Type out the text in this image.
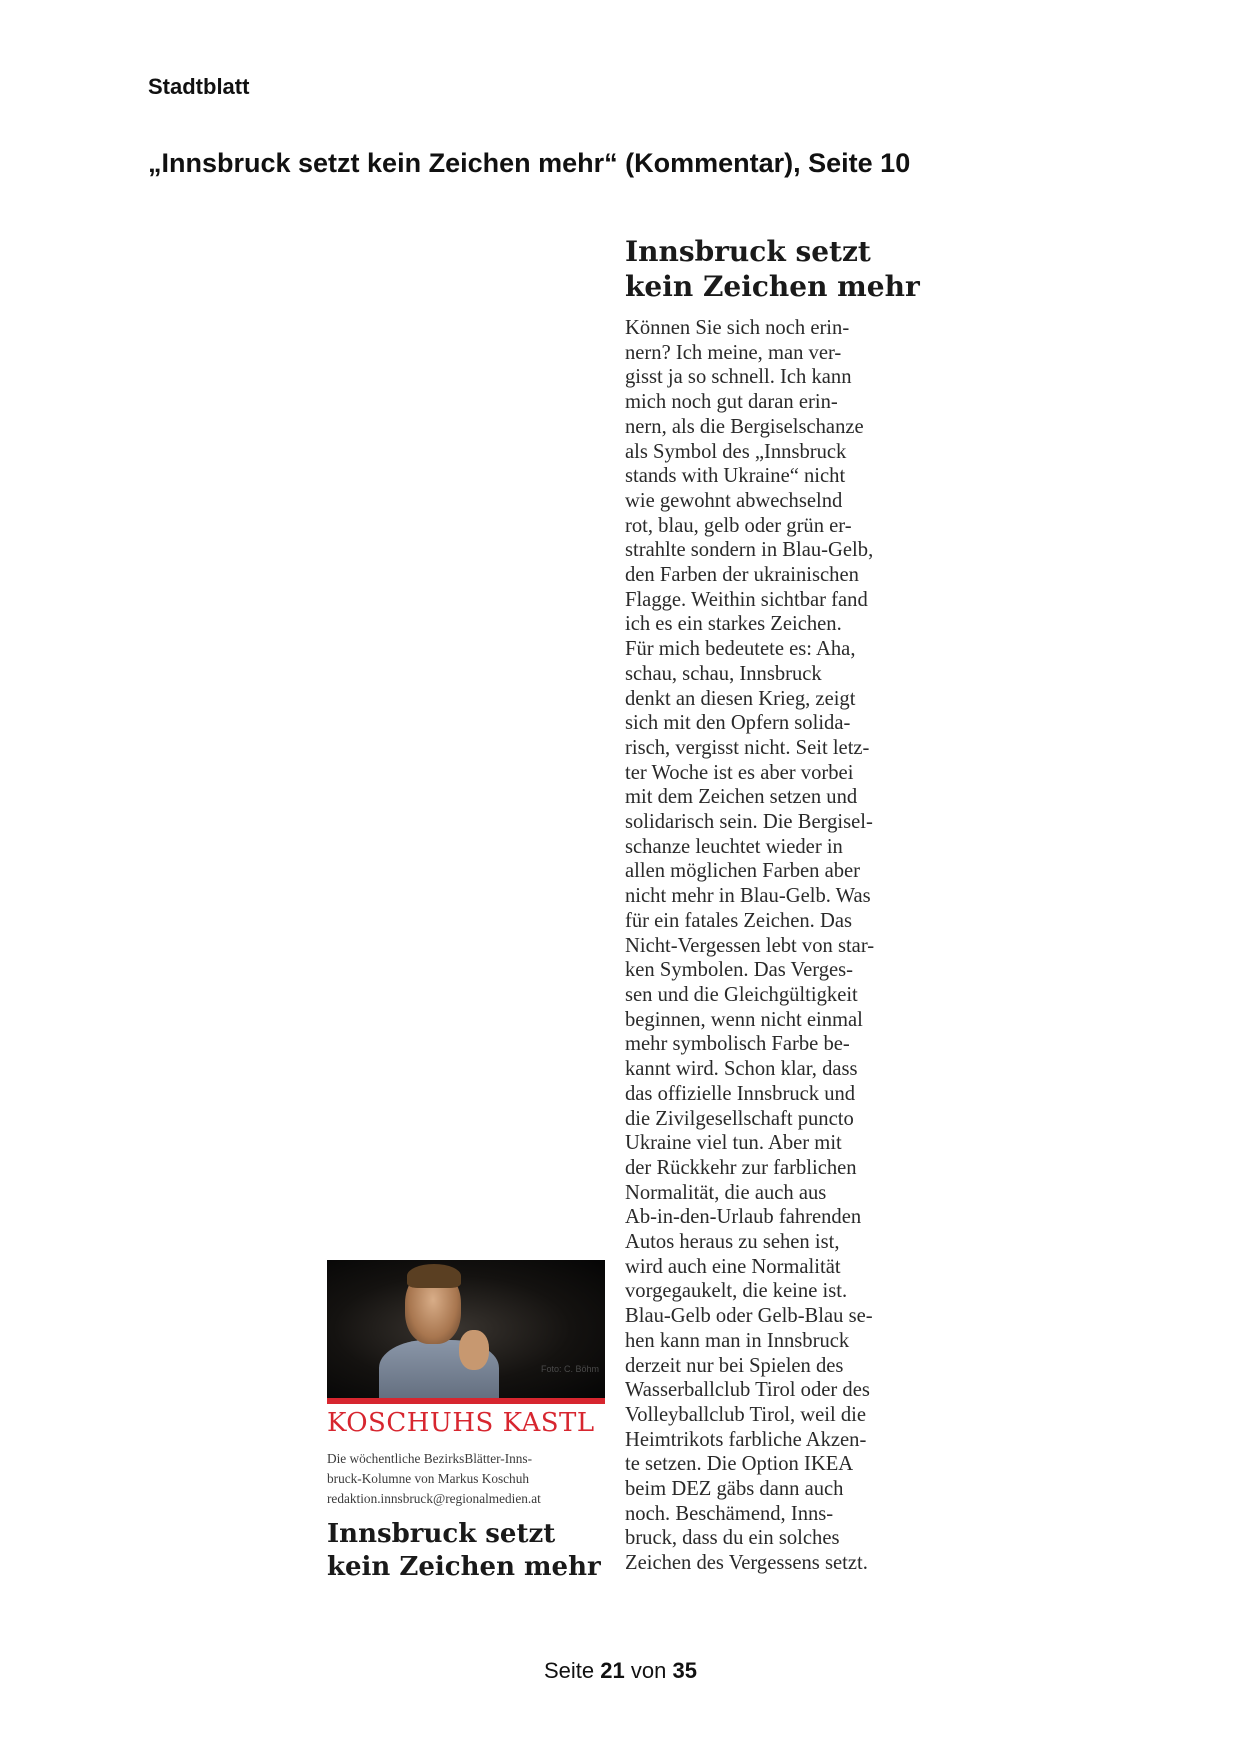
Stadtblatt
„Innsbruck setzt kein Zeichen mehr“ (Kommentar), Seite 10
Innsbruck setzt
kein Zeichen mehr
Können Sie sich noch erin-
nern? Ich meine, man ver-
gisst ja so schnell. Ich kann
mich noch gut daran erin-
nern, als die Bergiselschanze
als Symbol des „Innsbruck
stands with Ukraine“ nicht
wie gewohnt abwechselnd
rot, blau, gelb oder grün er-
strahlte sondern in Blau-Gelb,
den Farben der ukrainischen
Flagge. Weithin sichtbar fand
ich es ein starkes Zeichen.
Für mich bedeutete es: Aha,
schau, schau, Innsbruck
denkt an diesen Krieg, zeigt
sich mit den Opfern solida-
risch, vergisst nicht. Seit letz-
ter Woche ist es aber vorbei
mit dem Zeichen setzen und
solidarisch sein. Die Bergisel-
schanze leuchtet wieder in
allen möglichen Farben aber
nicht mehr in Blau-Gelb. Was
für ein fatales Zeichen. Das
Nicht-Vergessen lebt von star-
ken Symbolen. Das Verges-
sen und die Gleichgültigkeit
beginnen, wenn nicht einmal
mehr symbolisch Farbe be-
kannt wird. Schon klar, dass
das offizielle Innsbruck und
die Zivilgesellschaft puncto
Ukraine viel tun. Aber mit
der Rückkehr zur farblichen
Normalität, die auch aus
Ab-in-den-Urlaub fahrenden
Autos heraus zu sehen ist,
wird auch eine Normalität
vorgegaukelt, die keine ist.
Blau-Gelb oder Gelb-Blau se-
hen kann man in Innsbruck
derzeit nur bei Spielen des
Wasserballclub Tirol oder des
Volleyballclub Tirol, weil die
Heimtrikots farbliche Akzen-
te setzen. Die Option IKEA
beim DEZ gäbs dann auch
noch. Beschämend, Inns-
bruck, dass du ein solches
Zeichen des Vergessens setzt.
Foto: C. Böhm
KOSCHUHS KASTL
Die wöchentliche BezirksBlätter-Inns-
bruck-Kolumne von Markus Koschuh
redaktion.innsbruck@regionalmedien.at
Innsbruck setzt
kein Zeichen mehr
Seite 21 von 35
